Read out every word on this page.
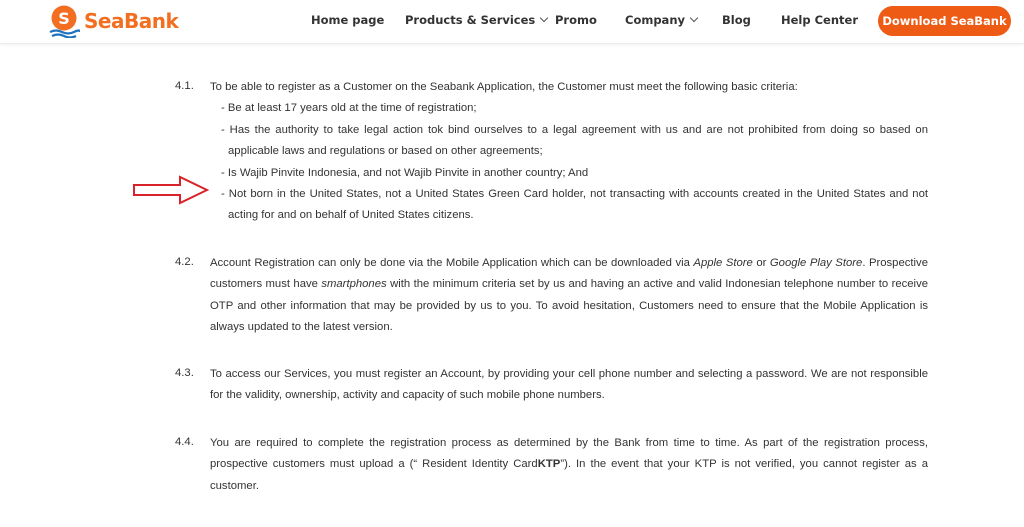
S SeaBank	Home page Products & Services	Promo Company	Blog	Help Center	Download SeaBank
4.1. To be able to register as a Customer on the Seabank Application, the Customer must meet the following basic criteria:
- Be at least 17 years old at the time of registration;
- Has the authority to take legal action tok bind ourselves to a legal agreement with us and are not prohibited from doing so based on
applicable laws and regulations or based on other agreements;
- Is Wajib Pinvite Indonesia, and not Wajib Pinvite in another country; And
- Not born in the United States, not a United States Green Card holder, not transacting with accounts created in the United States and not
acting for and on behalf of United States citizens.
4.2. Account Registration can only be done via the Mobile Application which can be downloaded via Apple Store or Google Play Store. Prospective
customers must have smartphones with the minimum criteria set by us and having an active and valid Indonesian telephone number to receive
OTP and other information that may be provided by us to you. To avoid hesitation, Customers need to ensure that the Mobile Application is
always updated to the latest version.
4.3. To access our Services, you must register an Account, by providing your cell phone number and selecting a password. We are not responsible
for the validity, ownership, activity and capacity of such mobile phone numbers.
4.4. You are required to complete the registration process as determined by the Bank from time to time. As part of the registration process,
prospective customers must upload a (“ Resident Identity CardKTP”). In the event that your KTP is not verified, you cannot register as a
customer.
